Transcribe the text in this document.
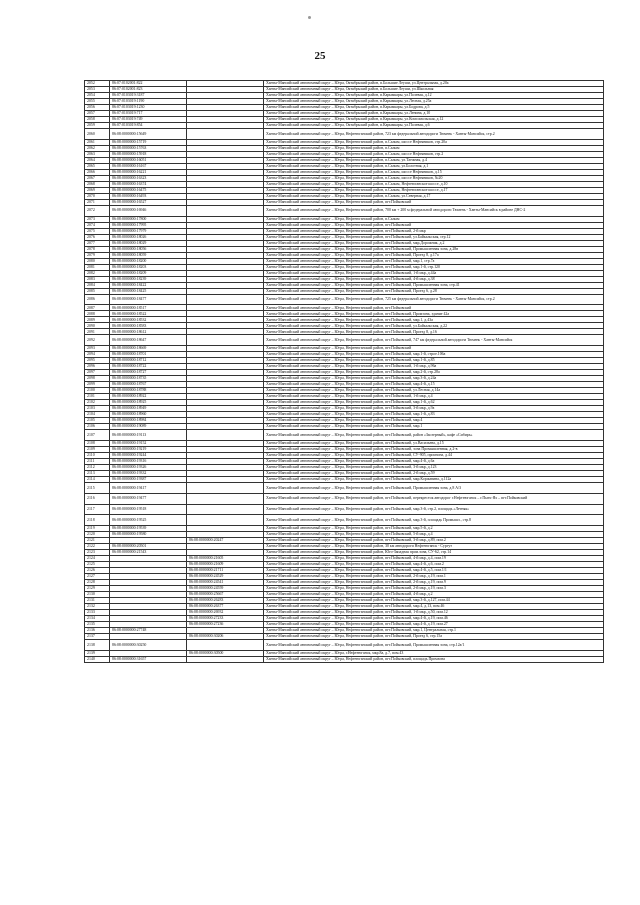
25
2052	86:07:0102001:822		Ханты-Мансийский автономный округ – Югра, Октябрьский район, п.Большие Леуши, ул.Центральная, д.20а
2053	86:07:0102001:823		Ханты-Мансийский автономный округ – Югра, Октябрьский район, п.Большие Леуши, ул.Школьная
2054	86:07:0103019:3187		Ханты-Мансийский автономный округ – Югра, Октябрьский район, п.Карымкары, ул.Полевая, д.12
2055	86:07:0103019:1190		Ханты-Мансийский автономный округ – Югра, Октябрьский район, п.Карымкары, ул.Лесная, д.25а
2056	86:07:0103019:1230		Ханты-Мансийский автономный округ – Югра, Октябрьский район, п.Карымкары, ул.Бодрова, д.5
2057	86:07:0103019:717		Ханты-Мансийский автономный округ – Югра, Октябрьский район, п.Карымкары, ул.Ленина, д.10
2058	86:07:0103019:749		Ханты-Мансийский автономный округ – Югра, Октябрьский район, п.Карымкары, ул.Комсомольская, д.12
2059	86:07:0103019:854		Ханты-Мансийский автономный округ – Югра, Октябрьский район, п.Карымкары, ул.Полевая, д.6
2060	86:08:0000000:15649		Ханты-Мансийский автономный округ – Югра, Нефтеюганский район, 723 км федеральной автодороги Тюмень - Ханты-Мансийск, стр.2
2061	86:08:0000000:15719		Ханты-Мансийский автономный округ – Югра, Нефтеюганский район, п.Салым, шоссе Нефтяников, стр.20а
2062	86:08:0000000:15763		Ханты-Мансийский автономный округ – Югра, Нефтеюганский район, п.Салым
2063	86:08:0000000:15918		Ханты-Мансийский автономный округ – Югра, Нефтеюганский район, п.Салым, шоссе Нефтяников, стр.2
2064	86:08:0000000:16051		Ханты-Мансийский автономный округ – Югра, Нефтеюганский район, п.Салым, ул.Таежная, д.4
2065	86:08:0000000:16167		Ханты-Мансийский автономный округ – Югра, Нефтеюганский район, п.Салым, ул.Болотная, д.1
2066	86:08:0000000:16221		Ханты-Мансийский автономный округ – Югра, Нефтеюганский район, п.Салым, шоссе Нефтяников, д.15
2067	86:08:0000000:16323		Ханты-Мансийский автономный округ – Югра, Нефтеюганский район, п.Салым, шоссе Нефтяников, №20
2068	86:08:0000000:16374		Ханты-Мансийский автономный округ – Югра, Нефтеюганский район, п.Салым, Нефтеюганское шоссе, д.10
2069	86:08:0000000:16475		Ханты-Мансийский автономный округ – Югра, Нефтеюганский район, п.Салым, Нефтеюганское шоссе, д.17
2070	86:08:0000000:16493		Ханты-Мансийский автономный округ – Югра, Нефтеюганский район, п.Салым, ул.Северная, д.17
2071	86:08:0000000:16527		Ханты-Мансийский автономный округ – Югра, Нефтеюганский район, пгт.Пойковский
2072	86:08:0000000:16946		Ханты-Мансийский автономный округ – Югра, Нефтеюганский район, 700 км + 200 м федеральной автодороги Тюмень - Ханты-Мансийск в районе ДНС-2
2073	86:08:0000000:17800		Ханты-Мансийский автономный округ – Югра, Нефтеюганский район, п.Салым
2074	86:08:0000000:17995		Ханты-Мансийский автономный округ – Югра, Нефтеюганский район, пгт.Пойковский
2075	86:08:0000000:17979		Ханты-Мансийский автономный округ – Югра, Нефтеюганский район, пгт.Пойковский, 2-й мкр
2076	86:08:0000000:18026		Ханты-Мансийский автономный округ – Югра, Нефтеюганский район, пгт.Пойковский, ул.Байкальская, стр.12
2077	86:08:0000000:18029		Ханты-Мансийский автономный округ – Югра, Нефтеюганский район, пгт.Пойковский, мкр.Дорожник, д.2
2078	86:08:0000000:18056		Ханты-Мансийский автономный округ – Югра, Нефтеюганский район, пгт.Пойковский, Промышленная зона, д.28в
2079	86:08:0000000:18059		Ханты-Мансийский автономный округ – Югра, Нефтеюганский район, пгт.Пойковский, Проезд 8, д.17а
2080	86:08:0000000:18200		Ханты-Мансийский автономный округ – Югра, Нефтеюганский район, пгт.Пойковский, мкр.1, стр.7а
2081	86:08:0000000:18203		Ханты-Мансийский автономный округ – Югра, Нефтеюганский район, пгт.Пойковский, мкр.1-й, стр.120
2082	86:08:0000000:18209		Ханты-Мансийский автономный округ – Югра, Нефтеюганский район, пгт.Пойковский, 1-й мкр, д.44а
2083	86:08:0000000:18239		Ханты-Мансийский автономный округ – Югра, Нефтеюганский район, пгт.Пойковский, 4-й мкр, д.38
2084	86:08:0000000:18422		Ханты-Мансийский автономный округ – Югра, Нефтеюганский район, пгт.Пойковский, Промышленная зона, стр.41
2085	86:08:0000000:18425		Ханты-Мансийский автономный округ – Югра, Нефтеюганский район, пгт.Пойковский, Проезд 6, д.28
2086	86:08:0000000:18477		Ханты-Мансийский автономный округ – Югра, Нефтеюганский район, 725 км федеральной автодороги Тюмень - Ханты-Мансийск, стр.2
2087	86:08:0000000:18517		Ханты-Мансийский автономный округ – Югра, Нефтеюганский район, пгт.Пойковский
2088	86:08:0000000:18522		Ханты-Мансийский автономный округ – Югра, Нефтеюганский район, пгт.Пойковский, Промзона, здание 42а
2089	86:08:0000000:18532		Ханты-Мансийский автономный округ – Югра, Нефтеюганский район, пгт.Пойковский, мкр.1, д.43а
2090	86:08:0000000:18583		Ханты-Мансийский автономный округ – Югра, Нефтеюганский район, пгт.Пойковский, ул.Байкальская, д.22
2091	86:08:0000000:18612		Ханты-Мансийский автономный округ – Югра, Нефтеюганский район, пгт.Пойковский, Проезд 8, д.16
2092	86:08:0000000:18647		Ханты-Мансийский автономный округ – Югра, Нефтеюганский район, пгт.Пойковский, 747 км федеральной автодороги Тюмень - Ханты-Мансийск
2093	86:08:0000000:18669		Ханты-Мансийский автономный округ – Югра, Нефтеюганский район, пгт.Пойковский
2094	86:08:0000000:18701		Ханты-Мансийский автономный округ – Югра, Нефтеюганский район, пгт.Пойковский, мкр.1-й, строе.106а
2095	86:08:0000000:18712		Ханты-Мансийский автономный округ – Югра, Нефтеюганский район, пгт.Пойковский, мкр.1-й, д.85
2096	86:08:0000000:18722		Ханты-Мансийский автономный округ – Югра, Нефтеюганский район, пгт.Пойковский, 1-й мкр, д.96а
2097	86:08:0000000:18727		Ханты-Мансийский автономный округ – Югра, Нефтеюганский район, пгт.Пойковский, мкр.2-й, стр.28а
2098	86:08:0000000:18735		Ханты-Мансийский автономный округ – Югра, Нефтеюганский район, пгт.Пойковский, мкр.3-й, д.24а
2099	86:08:0000000:18767		Ханты-Мансийский автономный округ – Югра, Нефтеюганский район, пгт.Пойковский, мкр.4-й, д.15
2100	86:08:0000000:18788		Ханты-Мансийский автономный округ – Югра, Нефтеюганский район, пгт.Пойковский, ул.Лесная, д.14а
2101	86:08:0000000:18922		Ханты-Мансийский автономный округ – Югра, Нефтеюганский район, пгт.Пойковский, 1-й мкр, д.4
2102	86:08:0000000:18925		Ханты-Мансийский автономный округ – Югра, Нефтеюганский район, пгт.Пойковский, мкр.1-й, д.62
2103	86:08:0000000:18949		Ханты-Мансийский автономный округ – Югра, Нефтеюганский район, пгт.Пойковский, 3-й мкр, д.9а
2104	86:08:0000000:18960		Ханты-Мансийский автономный округ – Югра, Нефтеюганский район, пгт.Пойковский, мкр.1-й, д.83
2105	86:08:0000000:18984		Ханты-Мансийский автономный округ – Югра, Нефтеюганский район, пгт.Пойковский, мкр.4
2106	86:08:0000000:19089		Ханты-Мансийский автономный округ – Югра, Нефтеюганский район, пгт.Пойковский, мкр.1
2107	86:08:0000000:19113		Ханты-Мансийский автономный округ – Югра, Нефтеюганский район, пгт.Пойковский, район «Заозерный», кафе «Сибирь»
2108	86:08:0000000:19152		Ханты-Мансийский автономный округ – Югра, Нефтеюганский район, пгт.Пойковский, ул.Васильева, д.15
2109	86:08:0000000:19219		Ханты-Мансийский автономный округ – Югра, Нефтеюганский район, пгт.Пойковский, зона Промышленная, д.2-в
2110	86:08:0000000:19244		Ханты-Мансийский автономный округ – Югра, Нефтеюганский район, пгт.Пойковский, СУ-905, промзона, д.44
2111	86:08:0000000:19316		Ханты-Мансийский автономный округ – Югра, Нефтеюганский район, пгт.Пойковский, мкр.4-й, д.6а
2112	86:08:0000000:19326		Ханты-Мансийский автономный округ – Югра, Нефтеюганский район, пгт.Пойковский, 3-й мкр, д.123
2113	86:08:0000000:19332		Ханты-Мансийский автономный округ – Югра, Нефтеюганский район, пгт.Пойковский, 2-й мкр, д.59
2114	86:08:0000000:19387		Ханты-Мансийский автономный округ – Югра, Нефтеюганский район, пгт.Пойковский, мкр.Коржавина, д.112а
2115	86:08:0000000:19417		Ханты-Мансийский автономный округ – Югра, Нефтеюганский район, пгт.Пойковский, Промышленная зона, д.8 А/3
2116	86:08:0000000:19477		Ханты-Мансийский автономный округ – Югра, Нефтеюганский район, пгт.Пойковский, перекресток автодорог г.Нефтеюганск – г.Пыть-Ях – пгт.Пойковский
2117	86:08:0000000:19518		Ханты-Мансийский автономный округ – Югра, Нефтеюганский район, пгт.Пойковский, мкр.3-й, стр.2, площадь «Летняя»
2118	86:08:0000000:19525		Ханты-Мансийский автономный округ – Югра, Нефтеюганский район, пгт.Пойковский, мкр.3-й, площадь Промышл., стр.8
2119	86:08:0000000:19539		Ханты-Мансийский автономный округ – Югра, Нефтеюганский район, пгт.Пойковский, мкр.5-й, д.2
2120	86:08:0000000:19580		Ханты-Мансийский автономный округ – Югра, Нефтеюганский район, пгт.Пойковский, 5-й мкр, д.4
2121		86:08:0000000:20247	Ханты-Мансийский автономный округ – Югра, Нефтеюганский район, пгт.Пойковский, 3-й мкр, д.89, пом.2
2122	86:08:0000000:20501		Ханты-Мансийский автономный округ – Югра, Нефтеюганский район, 30 км автодороги Нефтеюганск - Сургут
2123	86:08:0000000:21543		Ханты-Мансийский автономный округ – Югра, Нефтеюганский район, Юго-Западная пром.зона, СУ-62, стр.14
2124		86:08:0000000:21605	Ханты-Мансийский автономный округ – Югра, Нефтеюганский район, пгт.Пойковский, 4-й мкр, д.4, пом.19
2125		86:08:0000000:21609	Ханты-Мансийский автономный округ – Югра, Нефтеюганский район, пгт.Пойковский, мкр.4-й, д.6, пом.2
2126		86:08:0000000:21711	Ханты-Мансийский автономный округ – Югра, Нефтеюганский район, пгт.Пойковский, мкр.4-й, д.5, пом.1/1
2127		86:08:0000000:24529	Ханты-Мансийский автономный округ – Югра, Нефтеюганский район, пгт.Пойковский, 2-й мкр, д.19, пом.1
2128		86:08:0000000:24541	Ханты-Мансийский автономный округ – Югра, Нефтеюганский район, пгт.Пойковский, 2-й мкр, д.19, пом.9
2129		86:08:0000000:24559	Ханты-Мансийский автономный округ – Югра, Нефтеюганский район, пгт.Пойковский, 2-й мкр, д.19, пом.3
2130		86:08:0000000:25667	Ханты-Мансийский автономный округ – Югра, Нефтеюганский район, пгт.Пойковский, 4-й мкр, д.2
2131		86:08:0000000:26283	Ханты-Мансийский автономный округ – Югра, Нефтеюганский район, пгт.Пойковский, мкр.3-й, д.127, пом.44
2132		86:08:0000000:26377	Ханты-Мансийский автономный округ – Югра, Нефтеюганский район, пгт.Пойковский, мкр.4, д.13, пом.46
2133		86:08:0000000:26932	Ханты-Мансийский автономный округ – Югра, Нефтеюганский район, пгт.Пойковский, 1-й мкр, д.50, пом.12
2134		86:08:0000000:27233	Ханты-Мансийский автономный округ – Югра, Нефтеюганский район, пгт.Пойковский, мкр.4-й, д.19, пом.46
2135		86:08:0000000:27236	Ханты-Мансийский автономный округ – Югра, Нефтеюганский район, пгт.Пойковский, мкр.4-й, д.19, пом.27
2136	86:08:0000000:27748		Ханты-Мансийский автономный округ – Югра, Нефтеюганский район, пгт.Пойковский, мкр.1, Центральная, стр.1
2137		86:08:0000000:30206	Ханты-Мансийский автономный округ – Югра, Нефтеюганский район, пгт.Пойковский, Проезд 6, стр.15а
2138	86:08:0000000:30250		Ханты-Мансийский автономный округ – Югра, Нефтеюганский район, пгт.Пойковский, Промышленная зона, стр.12а/1
2139		86:08:0000000:30500	Ханты-Мансийский автономный округ – Югра, г.Нефтеюганск, мкр.8а, д.7, пом.43
2140	86:08:0000000:31657		Ханты-Мансийский автономный округ – Югра, Нефтеюганский район, пгт.Пойковский, площадь Промзона
